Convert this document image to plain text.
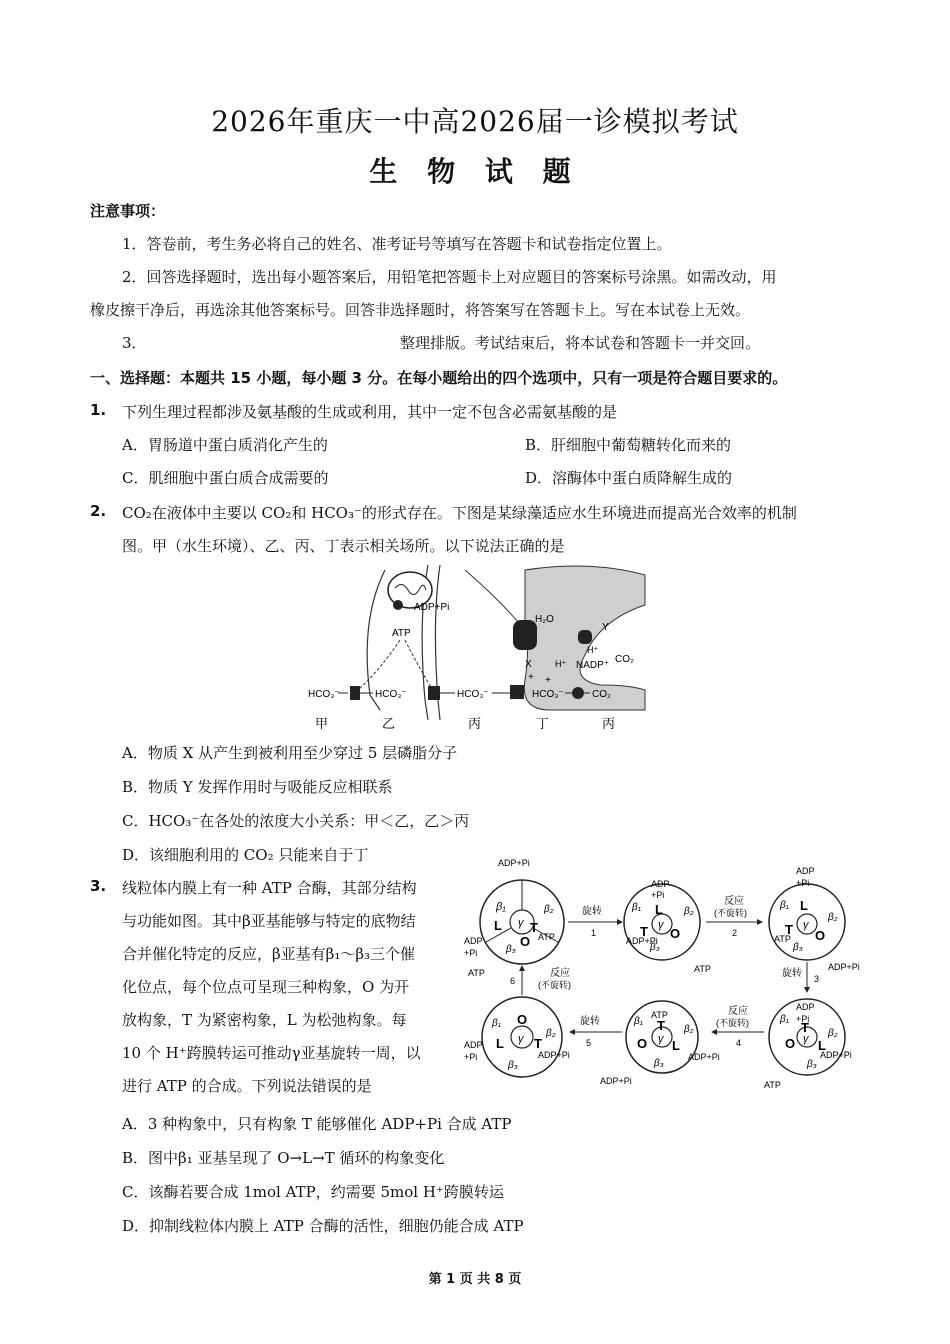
2026年重庆一中高2026届一诊模拟考试
生 物 试 题
注意事项：
1．答卷前，考生务必将自己的姓名、准考证号等填写在答题卡和试卷指定位置上。
2．回答选择题时，选出每小题答案后，用铅笔把答题卡上对应题目的答案标号涂黑。如需改动，用
橡皮擦干净后，再选涂其他答案标号。回答非选择题时，将答案写在答题卡上。写在本试卷上无效。
3．	整理排版。考试结束后，将本试卷和答题卡一并交回。
一、选择题：本题共 15 小题，每小题 3 分。在每小题给出的四个选项中，只有一项是符合题目要求的。
1. 下列生理过程都涉及氨基酸的生成或利用，其中一定不包含必需氨基酸的是
A．胃肠道中蛋白质消化产生的	B．肝细胞中葡萄糖转化而来的
C．肌细胞中蛋白质合成需要的	D．溶酶体中蛋白质降解生成的
2. CO₂在液体中主要以 CO₂和 HCO₃⁻的形式存在。下图是某绿藻适应水生环境进而提高光合效率的机制
图。甲（水生环境）、乙、丙、丁表示相关场所。以下说法正确的是
ADP+Pi
ATP
H₂O
X
Y
H⁺
H⁺ NADP⁺
CO₂
+ +
HCO₃⁻	HCO₃⁻	HCO₃⁻	HCO₃⁻	CO₂
甲	乙	丙	丁	丙
A．物质 X 从产生到被利用至少穿过 5 层磷脂分子
B．物质 Y 发挥作用时与吸能反应相联系
C．HCO₃⁻在各处的浓度大小关系：甲＜乙，乙＞丙
D．该细胞利用的 CO₂ 只能来自于丁
3. 线粒体内膜上有一种 ATP 合酶，其部分结构
与功能如图。其中β亚基能够与特定的底物结
合并催化特定的反应，β亚基有β₁～β₃三个催
化位点，每个位点可呈现三种构象，O 为开
放构象，T 为紧密构象，L 为松弛构象。每
10 个 H⁺跨膜转运可推动γ亚基旋转一周，以
进行 ATP 的合成。下列说法错误的是
β₁	β₂
β₃
L T
O
γ
ATP
ADP+Pi
ADP
+Pi
旋转
1
ADP
+Pi
L
T O
γ
β₁	β₂
β₃
ADP+Pi
ATP
反应
(不旋转)
2
ADP
+Pi
L
T O
γ
β₁
β₂
β₃
ATP
ADP+Pi
旋转 3
ADP
+Pi
T
O L
γ
β₁
β₂
β₃
ADP+Pi
ATP
反应
(不旋转)
4
ATP
T
O L
γ
β₁
β₂
β₃
ADP+Pi
ADP+Pi
旋转
5
O
L T
γ
β₁
β₂
β₃
ADP+Pi
ADP
+Pi
ATP
6
反应
(不旋转)
A．3 种构象中，只有构象 T 能够催化 ADP+Pi 合成 ATP
B．图中β₁ 亚基呈现了 O→L→T 循环的构象变化
C．该酶若要合成 1mol ATP，约需要 5mol H⁺跨膜转运
D．抑制线粒体内膜上 ATP 合酶的活性，细胞仍能合成 ATP
第 1 页 共 8 页
